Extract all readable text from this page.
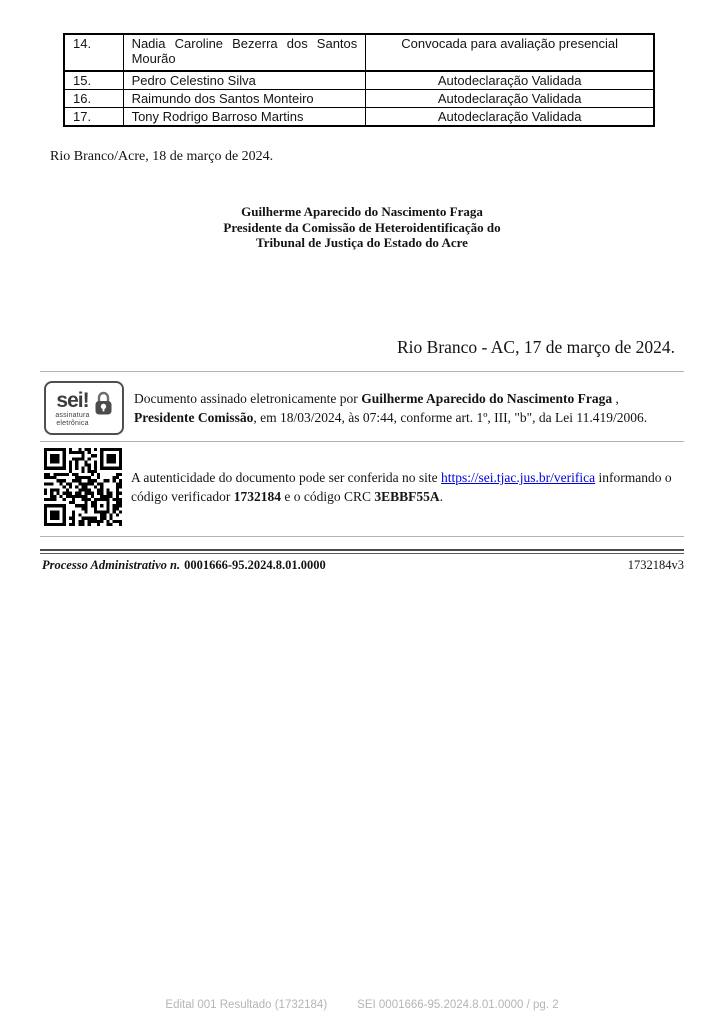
14.	Nadia Caroline Bezerra dos Santos Mourão	Convocada para avaliação presencial
15.	Pedro Celestino Silva	Autodeclaração Validada
16.	Raimundo dos Santos Monteiro	Autodeclaração Validada
17.	Tony Rodrigo Barroso Martins	Autodeclaração Validada
Rio Branco/Acre, 18 de março de 2024.
Guilherme Aparecido do Nascimento Fraga
Presidente da Comissão de Heteroidentificação do
Tribunal de Justiça do Estado do Acre
Rio Branco - AC, 17 de março de 2024.
sei!
assinatura
eletrônica

Documento assinado eletronicamente por Guilherme Aparecido do Nascimento Fraga , Presidente Comissão, em 18/03/2024, às 07:44, conforme art. 1º, III, "b", da Lei 11.419/2006.

A autenticidade do documento pode ser conferida no site https://sei.tjac.jus.br/verifica informando o código verificador 1732184 e o código CRC 3EBBF55A.

Processo Administrativo n. 0001666-95.2024.8.01.0000	1732184v3
Edital 001 Resultado (1732184)	SEI 0001666-95.2024.8.01.0000 / pg. 2
